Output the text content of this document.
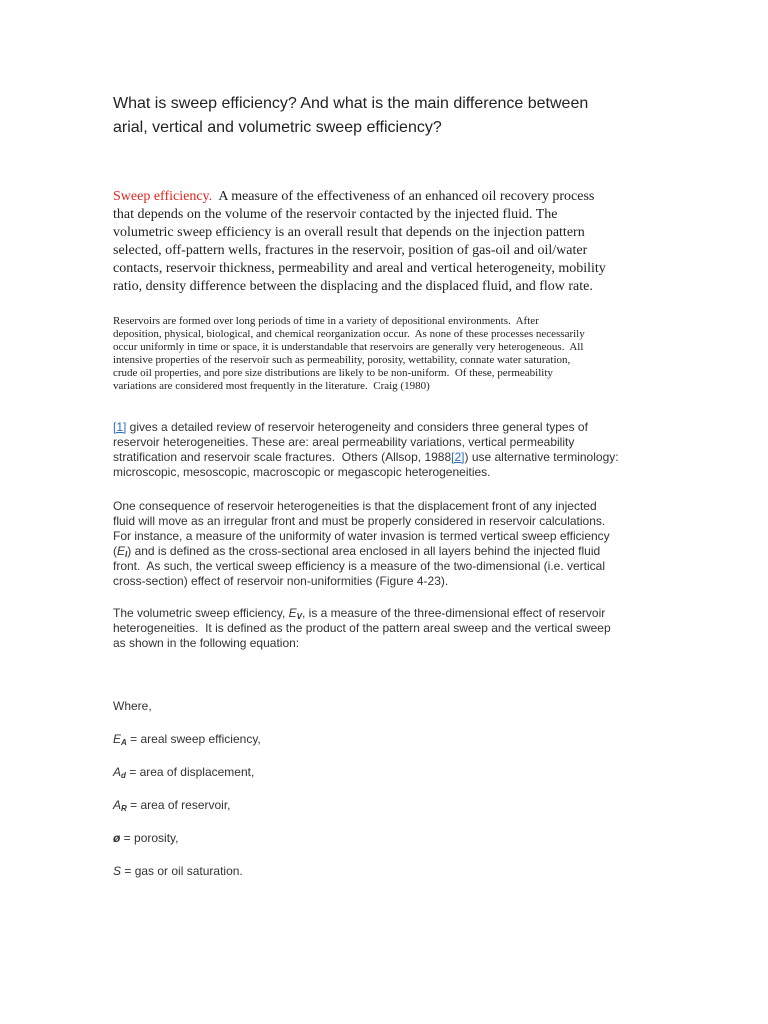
What is sweep efficiency? And what is the main difference between
arial, vertical and volumetric sweep efficiency?

Sweep efficiency.  A measure of the effectiveness of an enhanced oil recovery process
that depends on the volume of the reservoir contacted by the injected fluid. The
volumetric sweep efficiency is an overall result that depends on the injection pattern
selected, off-pattern wells, fractures in the reservoir, position of gas-oil and oil/water
contacts, reservoir thickness, permeability and areal and vertical heterogeneity, mobility
ratio, density difference between the displacing and the displaced fluid, and flow rate.

Reservoirs are formed over long periods of time in a variety of depositional environments.  After
deposition, physical, biological, and chemical reorganization occur.  As none of these processes necessarily
occur uniformly in time or space, it is understandable that reservoirs are generally very heterogeneous.  All
intensive properties of the reservoir such as permeability, porosity, wettability, connate water saturation,
crude oil properties, and pore size distributions are likely to be non-uniform.  Of these, permeability
variations are considered most frequently in the literature.  Craig (1980)

[1] gives a detailed review of reservoir heterogeneity and considers three general types of
reservoir heterogeneities. These are: areal permeability variations, vertical permeability
stratification and reservoir scale fractures.  Others (Allsop, 1988[2]) use alternative terminology:
microscopic, mesoscopic, macroscopic or megascopic heterogeneities.

One consequence of reservoir heterogeneities is that the displacement front of any injected
fluid will move as an irregular front and must be properly considered in reservoir calculations.
For instance, a measure of the uniformity of water invasion is termed vertical sweep efficiency
$(E_I)$ and is defined as the cross-sectional area enclosed in all layers behind the injected fluid
front.  As such, the vertical sweep efficiency is a measure of the two-dimensional (i.e. vertical
cross-section) effect of reservoir non-uniformities (Figure 4-23).

The volumetric sweep efficiency, $E_V$, is a measure of the three-dimensional effect of reservoir
heterogeneities.  It is defined as the product of the pattern areal sweep and the vertical sweep
as shown in the following equation:

Where,
$E_A$ = areal sweep efficiency,
$A_d$ = area of displacement,
$A_R$ = area of reservoir,
ø = porosity,
S = gas or oil saturation.
